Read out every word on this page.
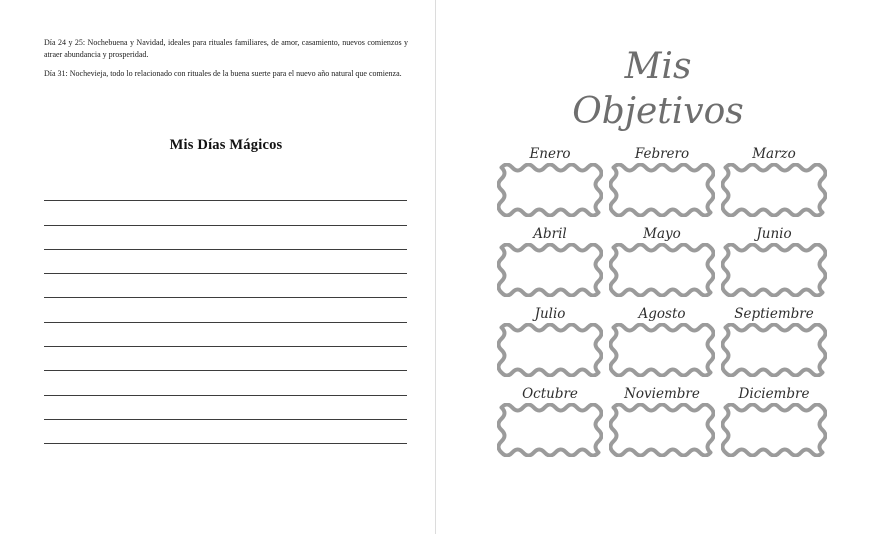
Día 24 y 25: Nochebuena y Navidad, ideales para rituales familiares, de amor, casamiento, nuevos comienzos y atraer abundancia y prosperidad.

Día 31: Nochevieja, todo lo relacionado con rituales de la buena suerte para el nuevo año natural que comienza.

Mis Días Mágicos
Mis
Objetivos
Enero	Febrero	Marzo
Abril	Mayo	Junio
Julio	Agosto	Septiembre
Octubre	Noviembre	Diciembre
